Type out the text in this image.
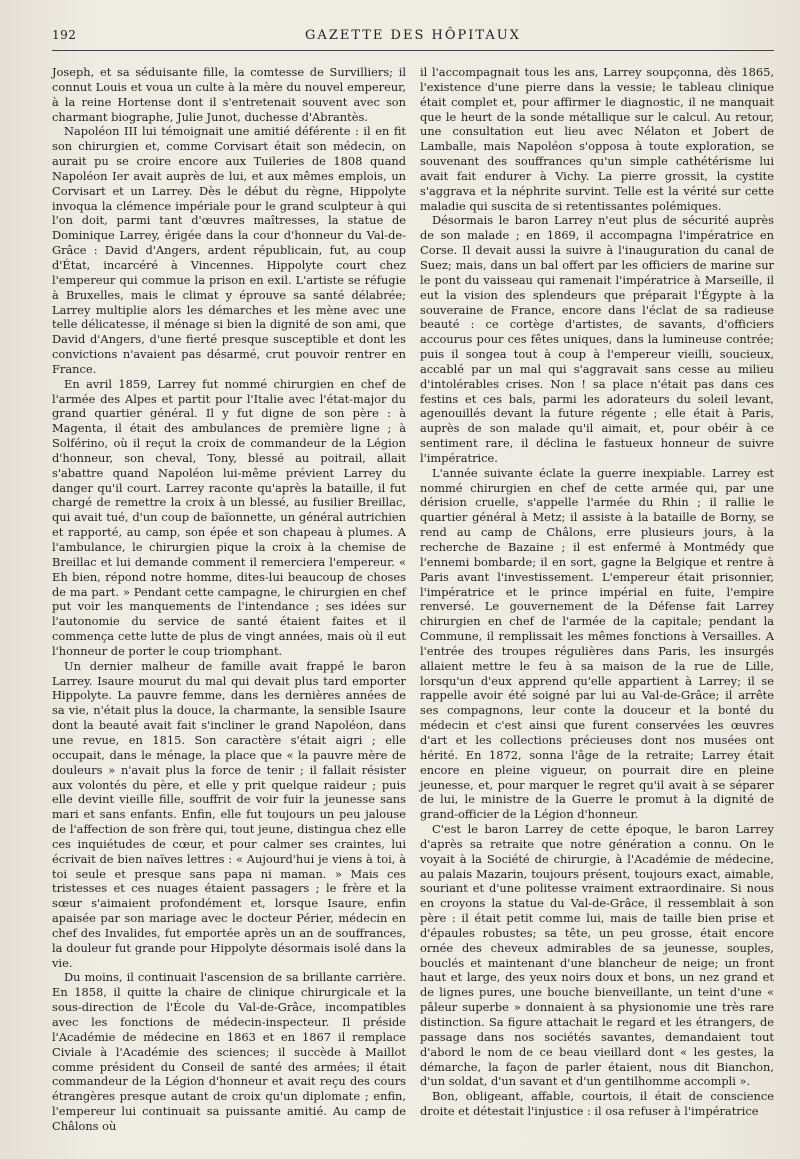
192	GAZETTE DES HÔPITAUX

Joseph, et sa séduisante fille, la comtesse de Survilliers; il connut Louis et voua un culte à la mère du nouvel empereur, à la reine Hortense dont il s'entretenait souvent avec son charmant biographe, Julie Junot, duchesse d'Abrantès.

Napoléon III lui témoignait une amitié déférente : il en fit son chirurgien et, comme Corvisart était son médecin, on aurait pu se croire encore aux Tuileries de 1808 quand Napoléon Ier avait auprès de lui, et aux mêmes emplois, un Corvisart et un Larrey. Dès le début du règne, Hippolyte invoqua la clémence impériale pour le grand sculpteur à qui l'on doit, parmi tant d'œuvres maîtresses, la statue de Dominique Larrey, érigée dans la cour d'honneur du Val-de-Grâce : David d'Angers, ardent républicain, fut, au coup d'État, incarcéré à Vincennes. Hippolyte court chez l'empereur qui commue la prison en exil. L'artiste se réfugie à Bruxelles, mais le climat y éprouve sa santé délabrée; Larrey multiplie alors les démarches et les mène avec une telle délicatesse, il ménage si bien la dignité de son ami, que David d'Angers, d'une fierté presque susceptible et dont les convictions n'avaient pas désarmé, crut pouvoir rentrer en France.

En avril 1859, Larrey fut nommé chirurgien en chef de l'armée des Alpes et partit pour l'Italie avec l'état-major du grand quartier général. Il y fut digne de son père : à Magenta, il était des ambulances de première ligne ; à Solférino, où il reçut la croix de commandeur de la Légion d'honneur, son cheval, Tony, blessé au poitrail, allait s'abattre quand Napoléon lui-même prévient Larrey du danger qu'il court. Larrey raconte qu'après la bataille, il fut chargé de remettre la croix à un blessé, au fusilier Breillac, qui avait tué, d'un coup de baïonnette, un général autrichien et rapporté, au camp, son épée et son chapeau à plumes. A l'ambulance, le chirurgien pique la croix à la chemise de Breillac et lui demande comment il remerciera l'empereur. « Eh bien, répond notre homme, dites-lui beaucoup de choses de ma part. » Pendant cette campagne, le chirurgien en chef put voir les manquements de l'intendance ; ses idées sur l'autonomie du service de santé étaient faites et il commença cette lutte de plus de vingt années, mais où il eut l'honneur de porter le coup triomphant.

Un dernier malheur de famille avait frappé le baron Larrey. Isaure mourut du mal qui devait plus tard emporter Hippolyte. La pauvre femme, dans les dernières années de sa vie, n'était plus la douce, la charmante, la sensible Isaure dont la beauté avait fait s'incliner le grand Napoléon, dans une revue, en 1815. Son caractère s'était aigri ; elle occupait, dans le ménage, la place que « la pauvre mère de douleurs » n'avait plus la force de tenir ; il fallait résister aux volontés du père, et elle y prit quelque raideur ; puis elle devint vieille fille, souffrit de voir fuir la jeunesse sans mari et sans enfants. Enfin, elle fut toujours un peu jalouse de l'affection de son frère qui, tout jeune, distingua chez elle ces inquiétudes de cœur, et pour calmer ses craintes, lui écrivait de bien naïves lettres : « Aujourd'hui je viens à toi, à toi seule et presque sans papa ni maman. » Mais ces tristesses et ces nuages étaient passagers ; le frère et la sœur s'aimaient profondément et, lorsque Isaure, enfin apaisée par son mariage avec le docteur Périer, médecin en chef des Invalides, fut emportée après un an de souffrances, la douleur fut grande pour Hippolyte désormais isolé dans la vie.

Du moins, il continuait l'ascension de sa brillante carrière. En 1858, il quitte la chaire de clinique chirurgicale et la sous-direction de l'École du Val-de-Grâce, incompatibles avec les fonctions de médecin-inspecteur. Il préside l'Académie de médecine en 1863 et en 1867 il remplace Civiale à l'Académie des sciences; il succède à Maillot comme président du Conseil de santé des armées; il était commandeur de la Légion d'honneur et avait reçu des cours étrangères presque autant de croix qu'un diplomate ; enfin, l'empereur lui continuait sa puissante amitié. Au camp de Châlons où

il l'accompagnait tous les ans, Larrey soupçonna, dès 1865, l'existence d'une pierre dans la vessie; le tableau clinique était complet et, pour affirmer le diagnostic, il ne manquait que le heurt de la sonde métallique sur le calcul. Au retour, une consultation eut lieu avec Nélaton et Jobert de Lamballe, mais Napoléon s'opposa à toute exploration, se souvenant des souffrances qu'un simple cathétérisme lui avait fait endurer à Vichy. La pierre grossit, la cystite s'aggrava et la néphrite survint. Telle est la vérité sur cette maladie qui suscita de si retentissantes polémiques.

Désormais le baron Larrey n'eut plus de sécurité auprès de son malade ; en 1869, il accompagna l'impératrice en Corse. Il devait aussi la suivre à l'inauguration du canal de Suez; mais, dans un bal offert par les officiers de marine sur le pont du vaisseau qui ramenait l'impératrice à Marseille, il eut la vision des splendeurs que préparait l'Égypte à la souveraine de France, encore dans l'éclat de sa radieuse beauté : ce cortège d'artistes, de savants, d'officiers accourus pour ces fêtes uniques, dans la lumineuse contrée; puis il songea tout à coup à l'empereur vieilli, soucieux, accablé par un mal qui s'aggravait sans cesse au milieu d'intolérables crises. Non ! sa place n'était pas dans ces festins et ces bals, parmi les adorateurs du soleil levant, agenouillés devant la future régente ; elle était à Paris, auprès de son malade qu'il aimait, et, pour obéir à ce sentiment rare, il déclina le fastueux honneur de suivre l'impératrice.

L'année suivante éclate la guerre inexpiable. Larrey est nommé chirurgien en chef de cette armée qui, par une dérision cruelle, s'appelle l'armée du Rhin ; il rallie le quartier général à Metz; il assiste à la bataille de Borny, se rend au camp de Châlons, erre plusieurs jours, à la recherche de Bazaine ; il est enfermé à Montmédy que l'ennemi bombarde; il en sort, gagne la Belgique et rentre à Paris avant l'investissement. L'empereur était prisonnier, l'impératrice et le prince impérial en fuite, l'empire renversé. Le gouvernement de la Défense fait Larrey chirurgien en chef de l'armée de la capitale; pendant la Commune, il remplissait les mêmes fonctions à Versailles. A l'entrée des troupes régulières dans Paris, les insurgés allaient mettre le feu à sa maison de la rue de Lille, lorsqu'un d'eux apprend qu'elle appartient à Larrey; il se rappelle avoir été soigné par lui au Val-de-Grâce; il arrête ses compagnons, leur conte la douceur et la bonté du médecin et c'est ainsi que furent conservées les œuvres d'art et les collections précieuses dont nos musées ont hérité. En 1872, sonna l'âge de la retraite; Larrey était encore en pleine vigueur, on pourrait dire en pleine jeunesse, et, pour marquer le regret qu'il avait à se séparer de lui, le ministre de la Guerre le promut à la dignité de grand-officier de la Légion d'honneur.

C'est le baron Larrey de cette époque, le baron Larrey d'après sa retraite que notre génération a connu. On le voyait à la Société de chirurgie, à l'Académie de médecine, au palais Mazarin, toujours présent, toujours exact, aimable, souriant et d'une politesse vraiment extraordinaire. Si nous en croyons la statue du Val-de-Grâce, il ressemblait à son père : il était petit comme lui, mais de taille bien prise et d'épaules robustes; sa tête, un peu grosse, était encore ornée des cheveux admirables de sa jeunesse, souples, bouclés et maintenant d'une blancheur de neige; un front haut et large, des yeux noirs doux et bons, un nez grand et de lignes pures, une bouche bienveillante, un teint d'une « pâleur superbe » donnaient à sa physionomie une très rare distinction. Sa figure attachait le regard et les étrangers, de passage dans nos sociétés savantes, demandaient tout d'abord le nom de ce beau vieillard dont « les gestes, la démarche, la façon de parler étaient, nous dit Bianchon, d'un soldat, d'un savant et d'un gentilhomme accompli ».

Bon, obligeant, affable, courtois, il était de conscience droite et détestait l'injustice : il osa refuser à l'impératrice
